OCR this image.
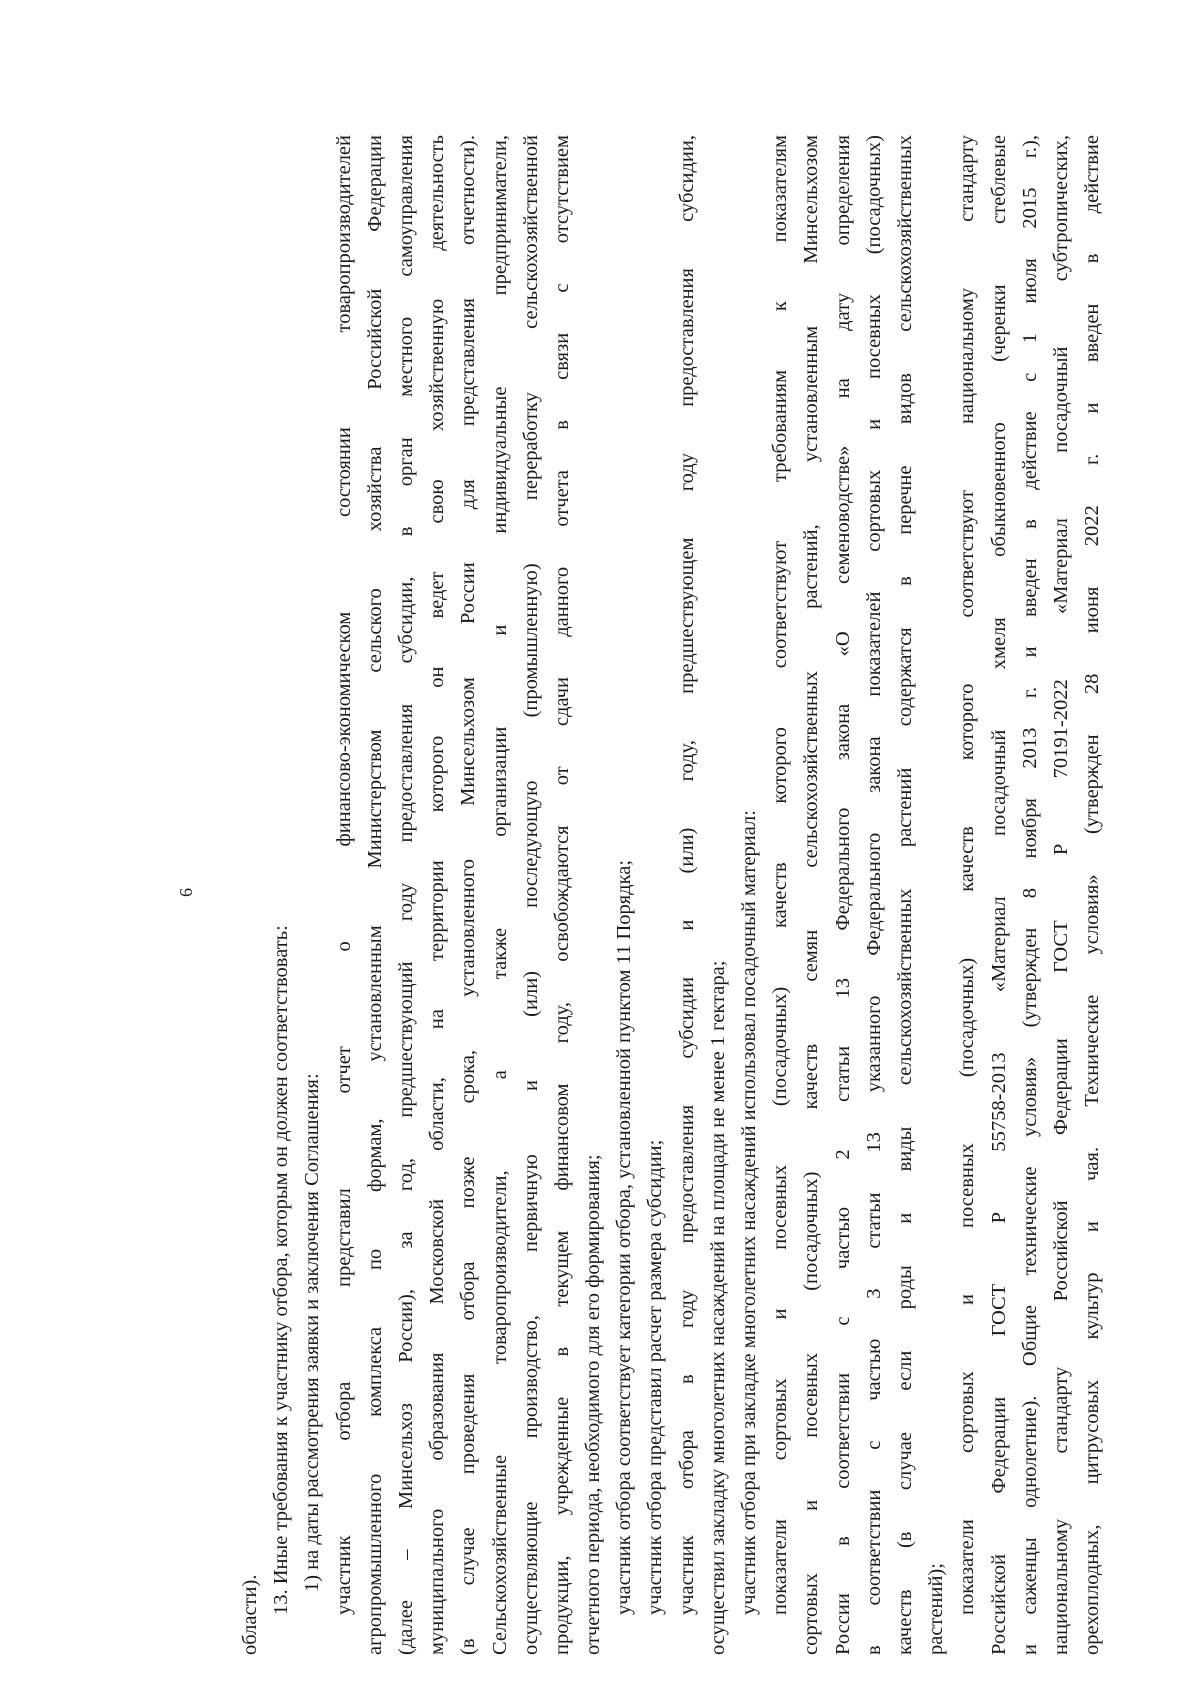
6
области). 13. Иные требования к участнику отбора, которым он должен соответствовать: 1) на даты рассмотрения заявки и заключения Соглашения: участник отбора представил отчет о финансово-экономическом состоянии товаропроизводителей агропромышленного комплекса по формам, установленным Министерством сельского хозяйства Российской Федерации (далее – Минсельхоз России), за год, предшествующий году предоставления субсидии, в орган местного самоуправления муниципального образования Московской области, на территории которого он ведет свою хозяйственную деятельность (в случае проведения отбора позже срока, установленного Минсельхозом России для представления отчетности). Сельскохозяйственные товаропроизводители, а также организации и индивидуальные предприниматели, осуществляющие производство, первичную и (или) последующую (промышленную) переработку сельскохозяйственной продукции, учрежденные в текущем финансовом году, освобождаются от сдачи данного отчета в связи с отсутствием отчетного периода, необходимого для его формирования; участник отбора соответствует категории отбора, установленной пунктом 11 Порядка; участник отбора представил расчет размера субсидии; участник отбора в году предоставления субсидии и (или) году, предшествующем году предоставления субсидии, осуществил закладку многолетних насаждений на площади не менее 1 гектара; участник отбора при закладке многолетних насаждений использовал посадочный материал: показатели сортовых и посевных (посадочных) качеств которого соответствуют требованиям к показателям сортовых и посевных (посадочных) качеств семян сельскохозяйственных растений, установленным Минсельхозом России в соответствии с частью 2 статьи 13 Федерального закона «О семеноводстве» на дату определения в соответствии с частью 3 статьи 13 указанного Федерального закона показателей сортовых и посевных (посадочных) качеств (в случае если роды и виды сельскохозяйственных растений содержатся в перечне видов сельскохозяйственных растений); показатели сортовых и посевных (посадочных) качеств которого соответствуют национальному стандарту Российской Федерации ГОСТ Р 55758-2013 «Материал посадочный хмеля обыкновенного (черенки стеблевые и саженцы однолетние). Общие технические условия» (утвержден 8 ноября 2013 г. и введен в действие с 1 июля 2015 г.), национальному стандарту Российской Федерации ГОСТ Р 70191-2022 «Материал посадочный субтропических, орехоплодных, цитрусовых культур и чая. Технические условия» (утвержден 28 июня 2022 г. и введен в действие
